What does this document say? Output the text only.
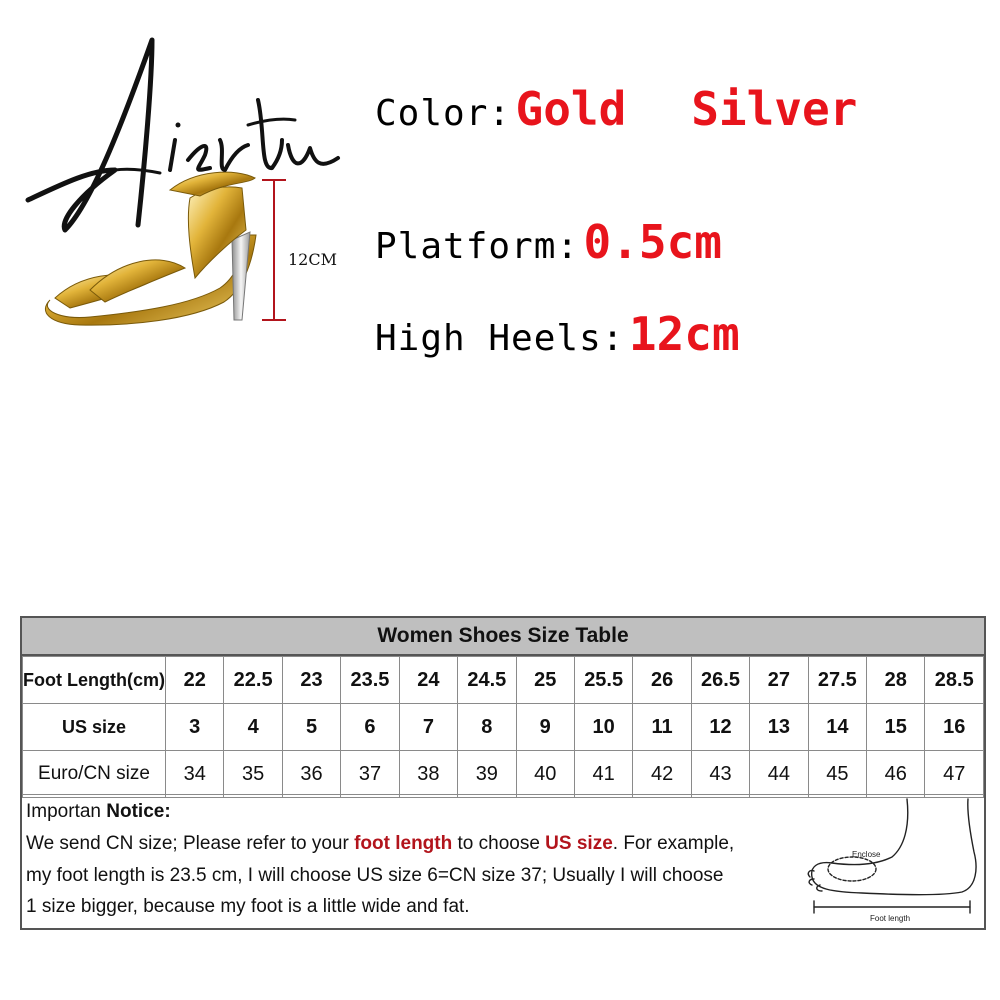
12CM
Color: Gold Silver
Platform: 0.5cm
High Heels: 12cm
Women Shoes Size Table
Foot Length(cm)	22	22.5	23	23.5	24	24.5	25	25.5	26	26.5	27	27.5	28	28.5
US size	3	4	5	6	7	8	9	10	11	12	13	14	15	16
Euro/CN size	34	35	36	37	38	39	40	41	42	43	44	45	46	47
Importan Notice:
We send CN size; Please refer to your foot length to choose US size. For example,
my foot length is 23.5 cm, I will choose US size 6=CN size 37; Usually I will choose
1 size bigger, because my foot is a little wide and fat.
Enclose
Foot length
